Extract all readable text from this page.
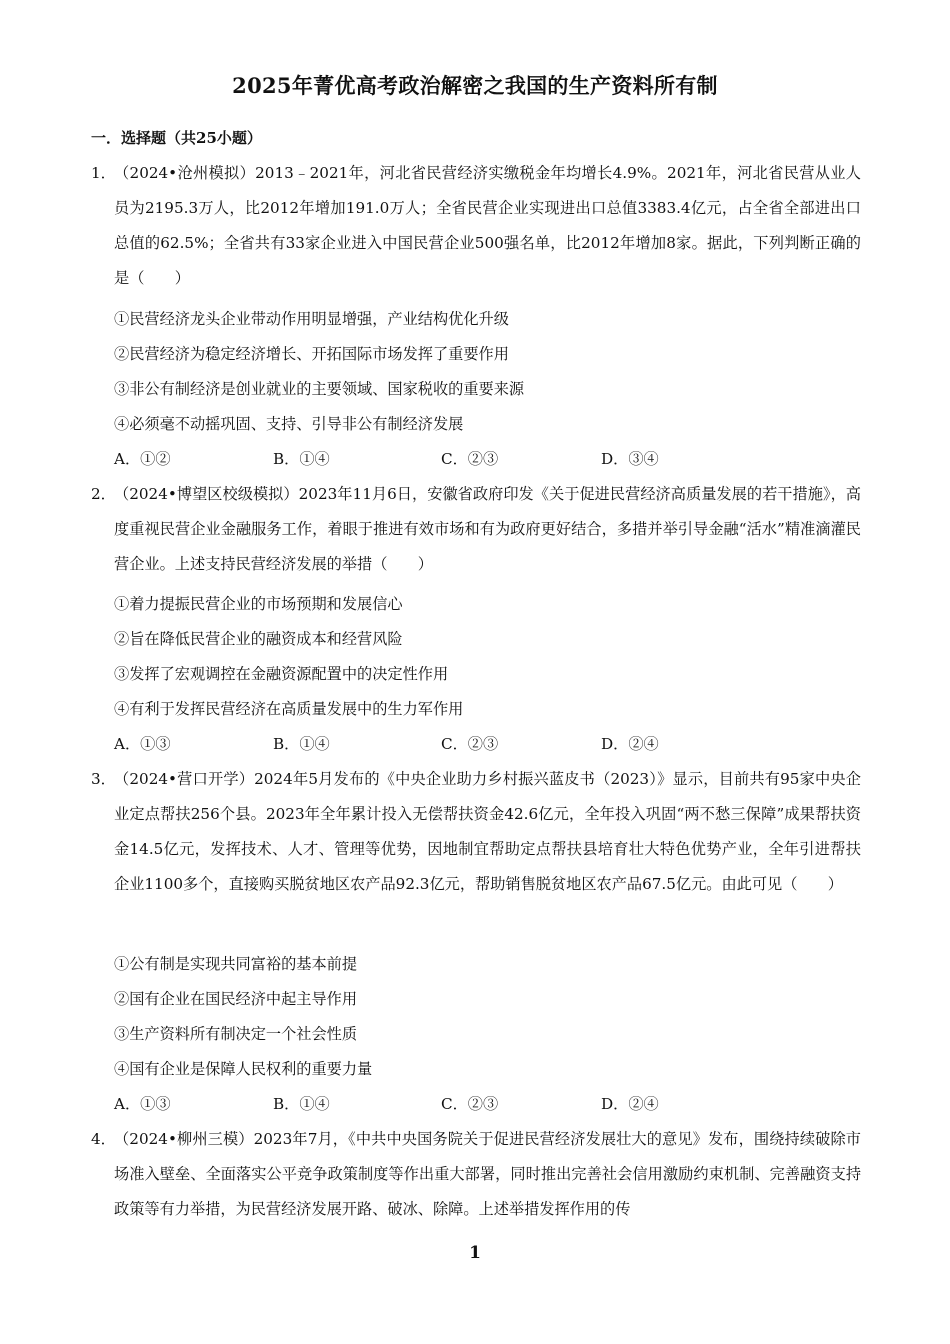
2025年菁优高考政治解密之我国的生产资料所有制
一．选择题（共25小题）
1．
（2024•沧州模拟）2013﹣2021年，河北省民营经济实缴税金年均增长4.9%。2021年，河北省民营从业人员为2195.3万人，比2012年增加191.0万人；全省民营企业实现进出口总值3383.4亿元，占全省全部进出口总值的62.5%；全省共有33家企业进入中国民营企业500强名单，比2012年增加8家。据此，下列判断正确的是（　　）
①民营经济龙头企业带动作用明显增强，产业结构优化升级
②民营经济为稳定经济增长、开拓国际市场发挥了重要作用
③非公有制经济是创业就业的主要领域、国家税收的重要来源
④必须毫不动摇巩固、支持、引导非公有制经济发展
A．①②	B．①④	C．②③	D．③④
2．
（2024•博望区校级模拟）2023年11月6日，安徽省政府印发《关于促进民营经济高质量发展的若干措施》，高度重视民营企业金融服务工作，着眼于推进有效市场和有为政府更好结合，多措并举引导金融“活水”精准滴灌民营企业。上述支持民营经济发展的举措（　　）
①着力提振民营企业的市场预期和发展信心
②旨在降低民营企业的融资成本和经营风险
③发挥了宏观调控在金融资源配置中的决定性作用
④有利于发挥民营经济在高质量发展中的生力军作用
A．①③	B．①④	C．②③	D．②④
3．
（2024•营口开学）2024年5月发布的《中央企业助力乡村振兴蓝皮书（2023）》显示，目前共有95家中央企业定点帮扶256个县。2023年全年累计投入无偿帮扶资金42.6亿元，全年投入巩固“两不愁三保障”成果帮扶资金14.5亿元，发挥技术、人才、管理等优势，因地制宜帮助定点帮扶县培育壮大特色优势产业，全年引进帮扶企业1100多个，直接购买脱贫地区农产品92.3亿元，帮助销售脱贫地区农产品67.5亿元。由此可见（　　）
①公有制是实现共同富裕的基本前提
②国有企业在国民经济中起主导作用
③生产资料所有制决定一个社会性质
④国有企业是保障人民权利的重要力量
A．①③	B．①④	C．②③	D．②④
4．
（2024•柳州三模）2023年7月，《中共中央国务院关于促进民营经济发展壮大的意见》发布，围绕持续破除市场准入壁垒、全面落实公平竞争政策制度等作出重大部署，同时推出完善社会信用激励约束机制、完善融资支持政策等有力举措，为民营经济发展开路、破冰、除障。上述举措发挥作用的传
1
